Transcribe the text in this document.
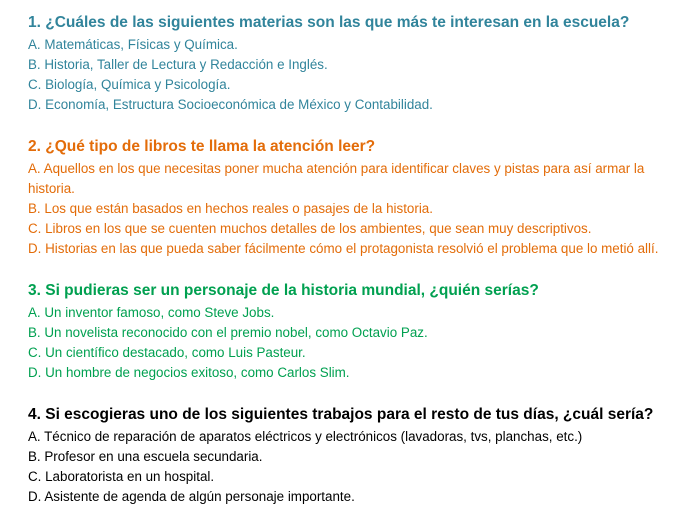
1. ¿Cuáles de las siguientes materias son las que más te interesan en la escuela?
A. Matemáticas, Físicas y Química.
B. Historia, Taller de Lectura y Redacción e Inglés.
C. Biología, Química y Psicología.
D. Economía, Estructura Socioeconómica de México y Contabilidad.
2. ¿Qué tipo de libros te llama la atención leer?
A. Aquellos en los que necesitas poner mucha atención para identificar claves y pistas para así armar la historia.
B. Los que están basados en hechos reales o pasajes de la historia.
C. Libros en los que se cuenten muchos detalles de los ambientes, que sean muy descriptivos.
D. Historias en las que pueda saber fácilmente cómo el protagonista resolvió el problema que lo metió allí.
3. Si pudieras ser un personaje de la historia mundial, ¿quién serías?
A. Un inventor famoso, como Steve Jobs.
B. Un novelista reconocido con el premio nobel, como Octavio Paz.
C. Un científico destacado, como Luis Pasteur.
D. Un hombre de negocios exitoso, como Carlos Slim.
4. Si escogieras uno de los siguientes trabajos para el resto de tus días, ¿cuál sería?
A. Técnico de reparación de aparatos eléctricos y electrónicos (lavadoras, tvs, planchas, etc.)
B. Profesor en una escuela secundaria.
C. Laboratorista en un hospital.
D. Asistente de agenda de algún personaje importante.
